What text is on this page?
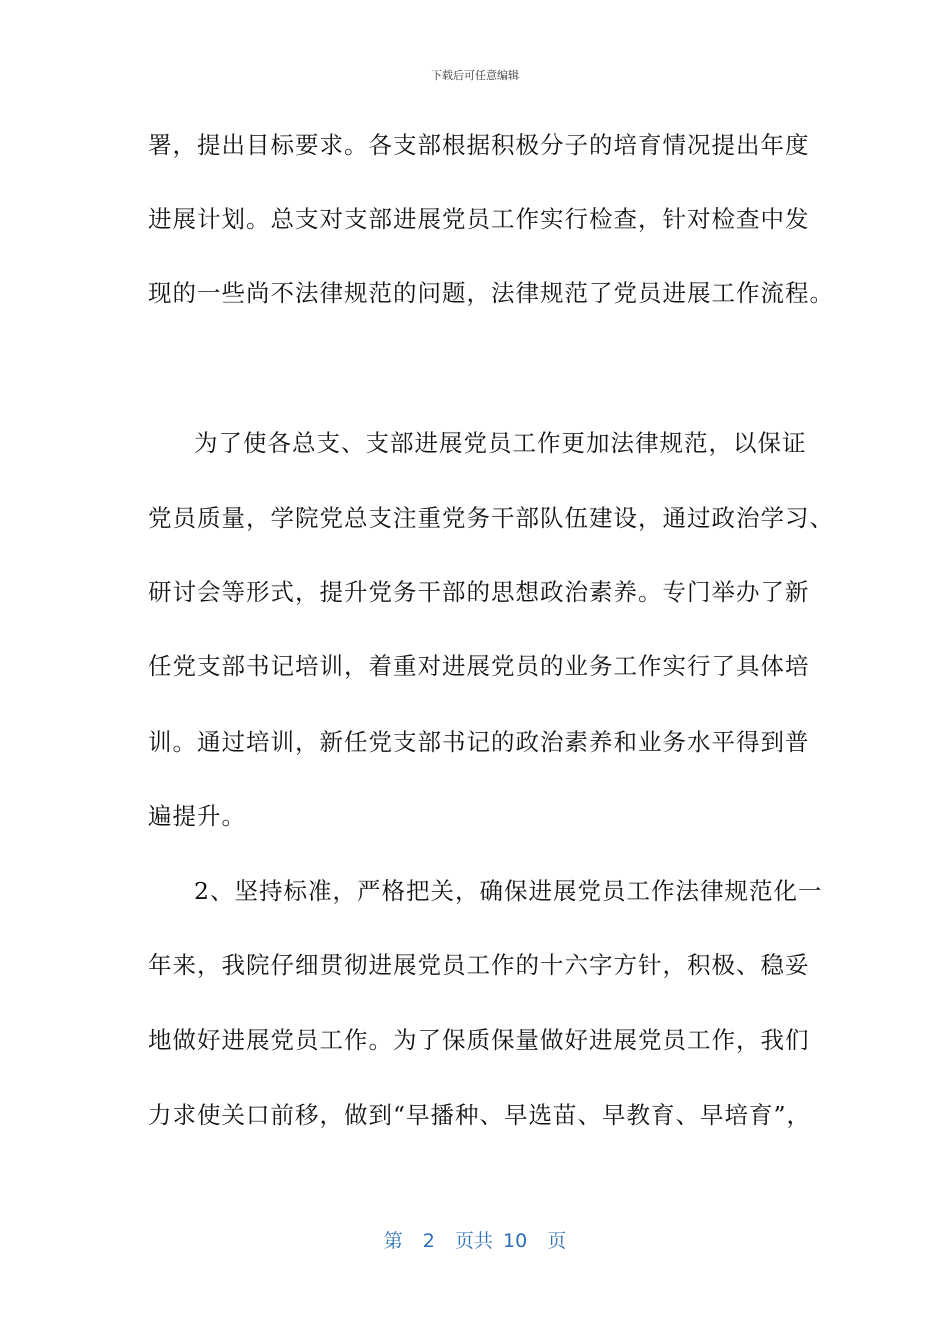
下载后可任意编辑
署，提出目标要求。各支部根据积极分子的培育情况提出年度
进展计划。总支对支部进展党员工作实行检查，针对检查中发
现的一些尚不法律规范的问题，法律规范了党员进展工作流程。
为了使各总支、支部进展党员工作更加法律规范，以保证
党员质量，学院党总支注重党务干部队伍建设，通过政治学习、
研讨会等形式，提升党务干部的思想政治素养。专门举办了新
任党支部书记培训，着重对进展党员的业务工作实行了具体培
训。通过培训，新任党支部书记的政治素养和业务水平得到普
遍提升。
2、坚持标准，严格把关，确保进展党员工作法律规范化一
年来，我院仔细贯彻进展党员工作的十六字方针，积极、稳妥
地做好进展党员工作。为了保质保量做好进展党员工作，我们
力求使关口前移，做到“早播种、早选苗、早教育、早培育”，
第  2  页共 10  页
